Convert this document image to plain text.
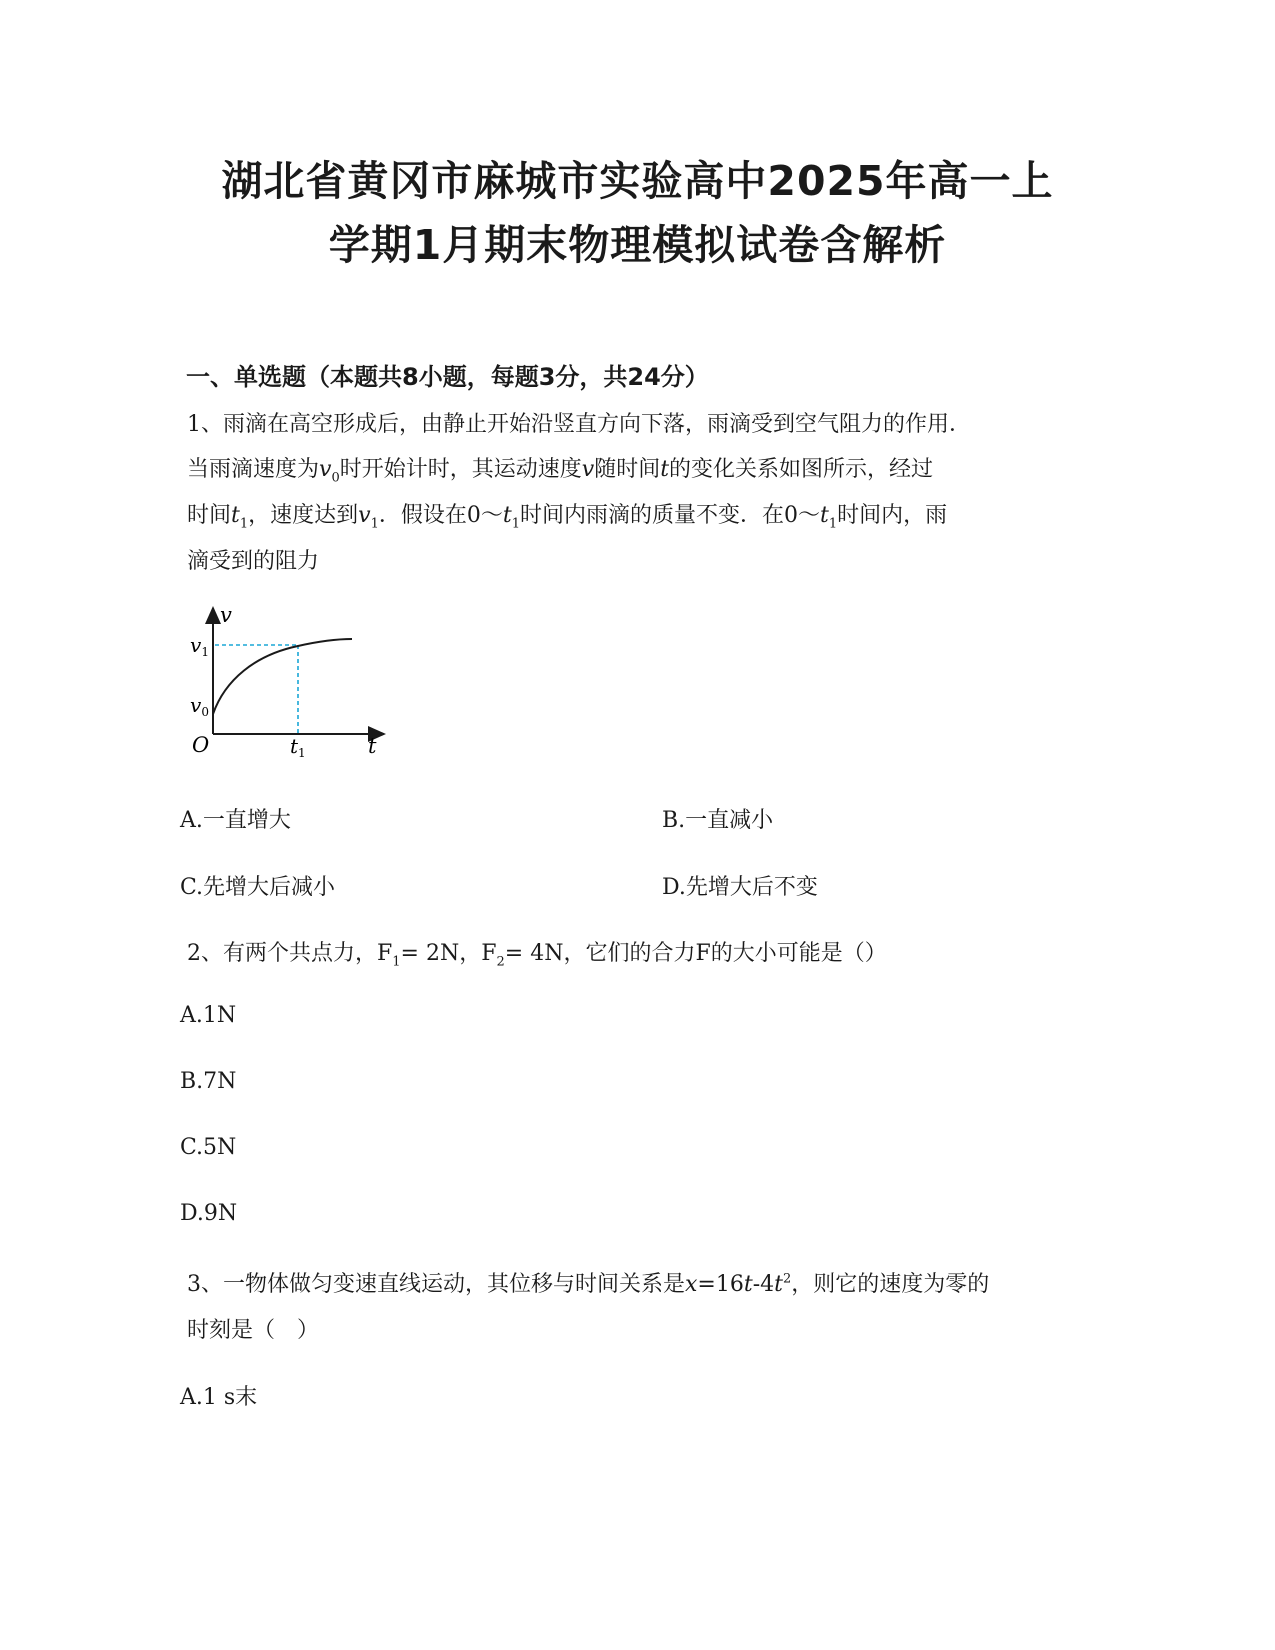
湖北省黄冈市麻城市实验高中2025年高一上
学期1月期末物理模拟试卷含解析
一、单选题（本题共8小题，每题3分，共24分）
1、雨滴在高空形成后，由静止开始沿竖直方向下落，雨滴受到空气阻力的作用．
当雨滴速度为$v_0$时开始计时，其运动速度v随时间t的变化关系如图所示，经过
时间$t_1$，速度达到$v_1$．假设在$0\sim t_1$时间内雨滴的质量不变．在$0\sim t_1$时间内，雨
滴受到的阻力
v
$v_1$
$v_0$
O	$t_1$	t
A.一直增大	B.一直减小
C.先增大后减小	D.先增大后不变
2、有两个共点力，$F_1= 2N$，$F_2= 4N$，它们的合力F的大小可能是（）
A.1N
B.7N
C.5N
D.9N
3、一物体做匀变速直线运动，其位移与时间关系是$x=16t-4t^2$，则它的速度为零的
时刻是（　）
A.1 s末
